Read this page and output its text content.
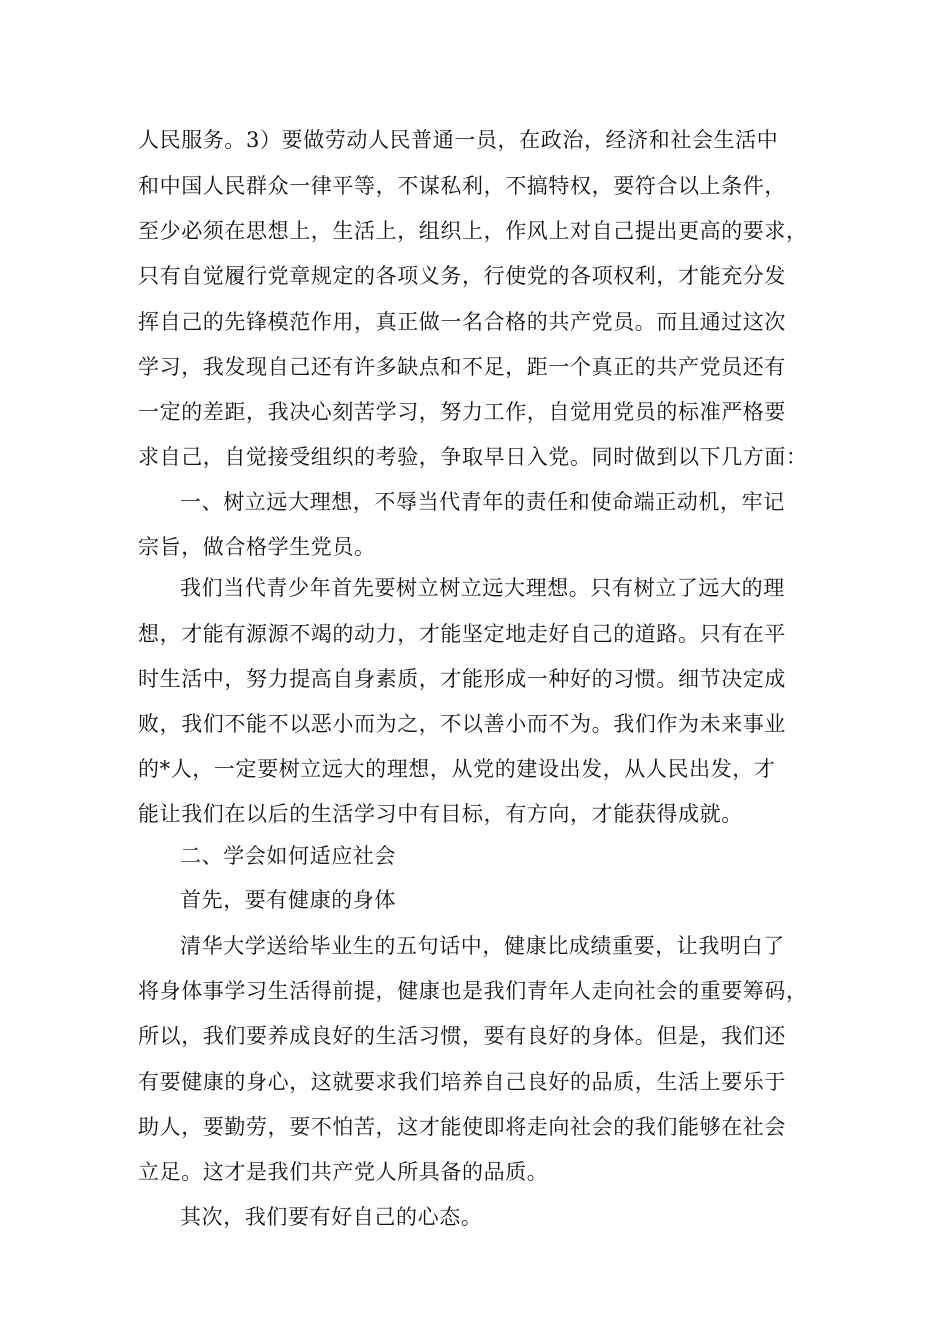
人民服务。3）要做劳动人民普通一员，在政治，经济和社会生活中
和中国人民群众一律平等，不谋私利，不搞特权，要符合以上条件，
至少必须在思想上，生活上，组织上，作风上对自己提出更高的要求，
只有自觉履行党章规定的各项义务，行使党的各项权利，才能充分发
挥自己的先锋模范作用，真正做一名合格的共产党员。而且通过这次
学习，我发现自己还有许多缺点和不足，距一个真正的共产党员还有
一定的差距，我决心刻苦学习，努力工作，自觉用党员的标准严格要
求自己，自觉接受组织的考验，争取早日入党。同时做到以下几方面：
一、树立远大理想，不辱当代青年的责任和使命端正动机，牢记
宗旨，做合格学生党员。
我们当代青少年首先要树立树立远大理想。只有树立了远大的理
想，才能有源源不竭的动力，才能坚定地走好自己的道路。只有在平
时生活中，努力提高自身素质，才能形成一种好的习惯。细节决定成
败，我们不能不以恶小而为之，不以善小而不为。我们作为未来事业
的*人，一定要树立远大的理想，从党的建设出发，从人民出发，才
能让我们在以后的生活学习中有目标，有方向，才能获得成就。
二、学会如何适应社会
首先，要有健康的身体
清华大学送给毕业生的五句话中，健康比成绩重要，让我明白了
将身体事学习生活得前提，健康也是我们青年人走向社会的重要筹码，
所以，我们要养成良好的生活习惯，要有良好的身体。但是，我们还
有要健康的身心，这就要求我们培养自己良好的品质，生活上要乐于
助人，要勤劳，要不怕苦，这才能使即将走向社会的我们能够在社会
立足。这才是我们共产党人所具备的品质。
其次，我们要有好自己的心态。
